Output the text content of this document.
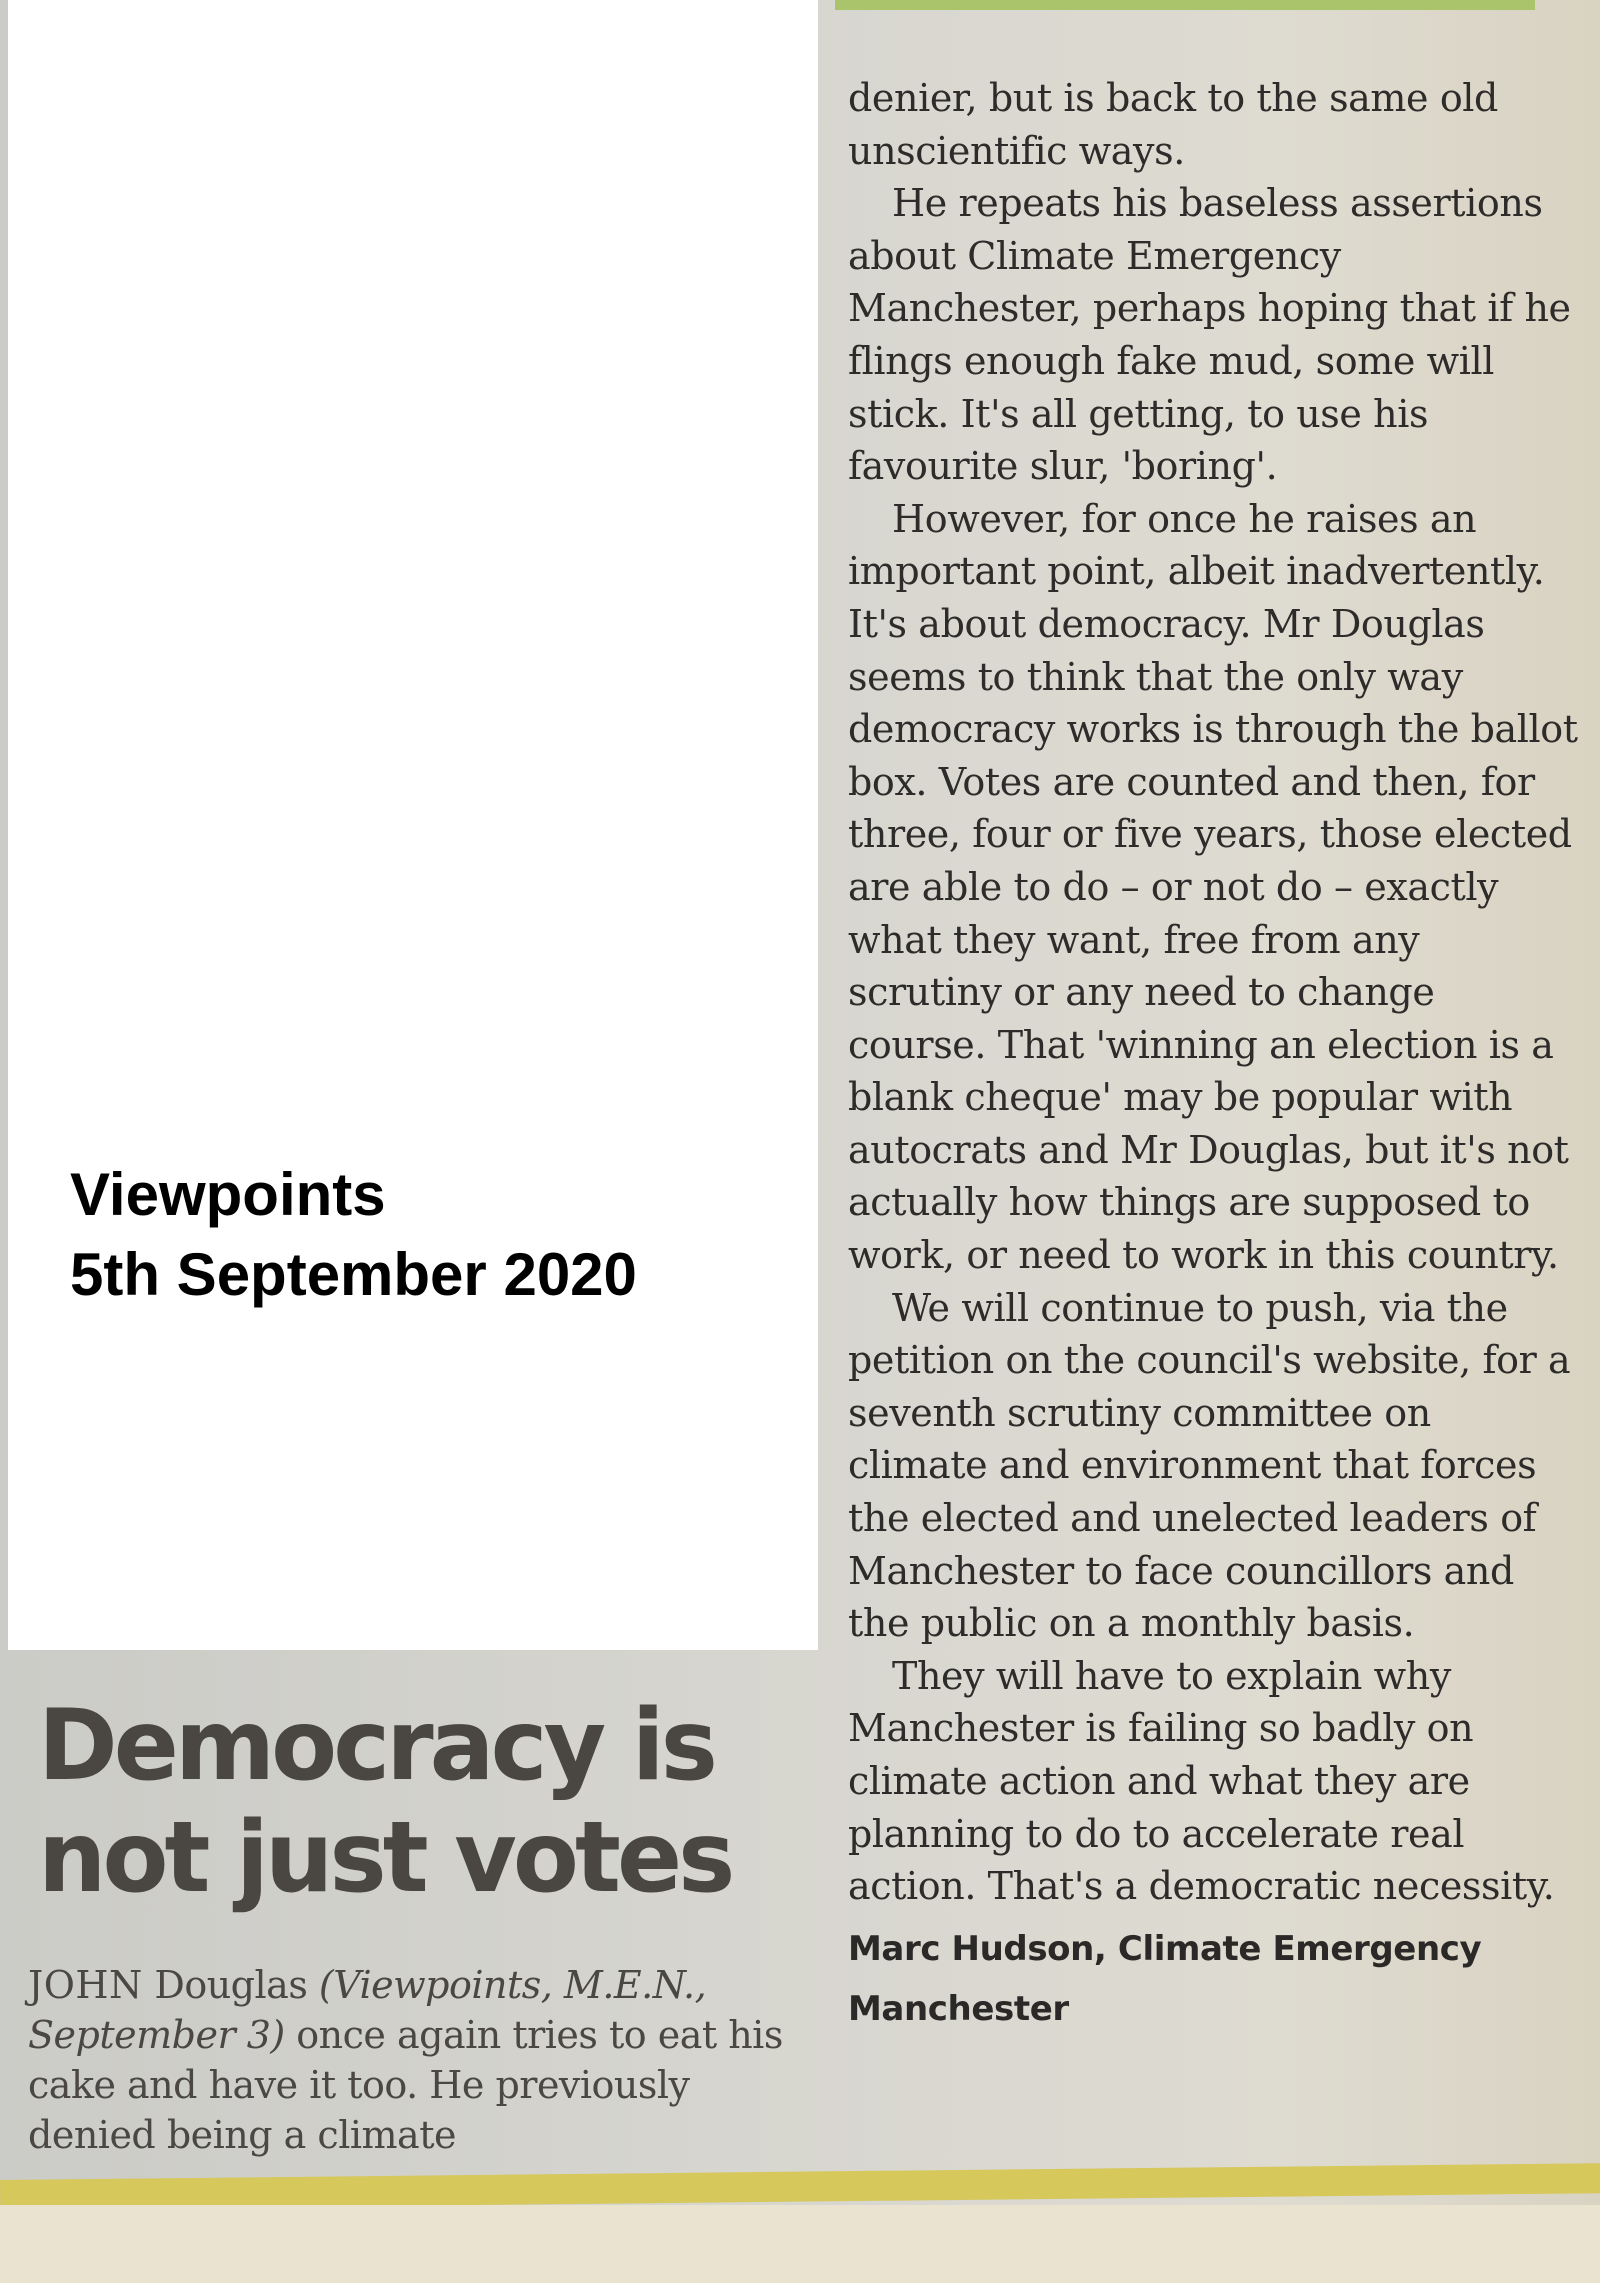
Viewpoints
5th September 2020

denier, but is back to the same old unscientific ways.

He repeats his baseless assertions about Climate Emergency Manchester, perhaps hoping that if he flings enough fake mud, some will stick. It's all getting, to use his favourite slur, 'boring'.

However, for once he raises an important point, albeit inadvertently. It's about democracy. Mr Douglas seems to think that the only way democracy works is through the ballot box. Votes are counted and then, for three, four or five years, those elected are able to do – or not do – exactly what they want, free from any scrutiny or any need to change course. That 'winning an election is a blank cheque' may be popular with autocrats and Mr Douglas, but it's not actually how things are supposed to work, or need to work in this country.

We will continue to push, via the petition on the council's website, for a seventh scrutiny committee on climate and environment that forces the elected and unelected leaders of Manchester to face councillors and the public on a monthly basis.

They will have to explain why Manchester is failing so badly on climate action and what they are planning to do to accelerate real action. That's a democratic necessity.

Marc Hudson, Climate Emergency Manchester
Democracy is
not just votes

JOHN Douglas (Viewpoints, M.E.N., September 3) once again tries to eat his cake and have it too. He previously denied being a climate
